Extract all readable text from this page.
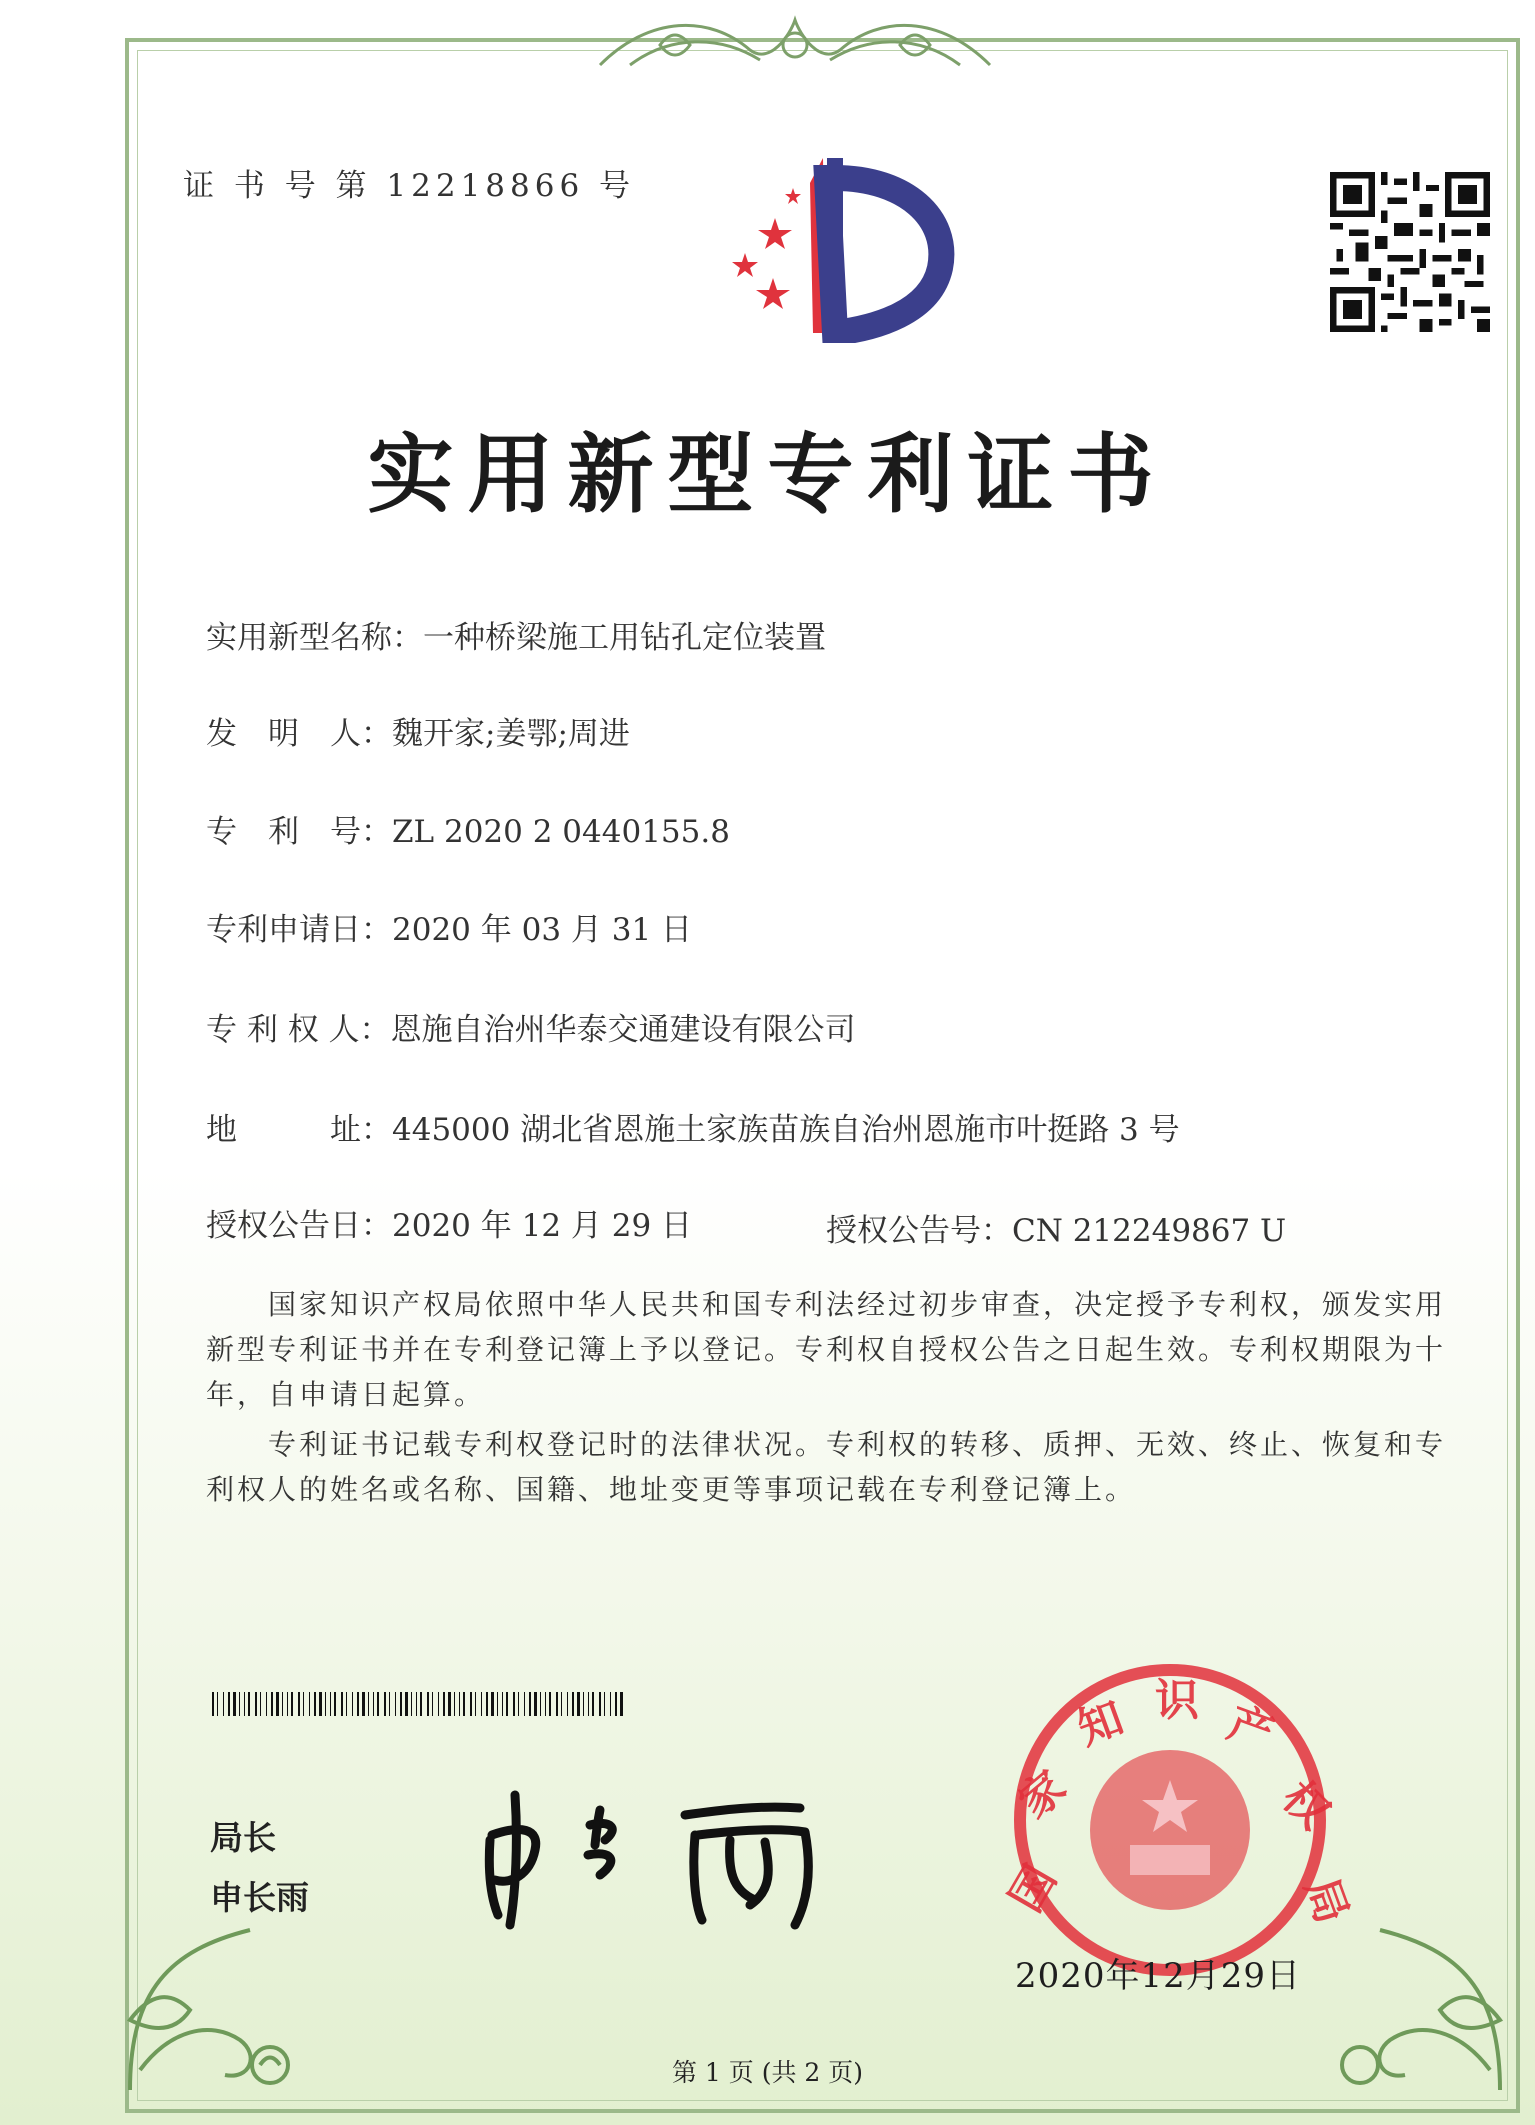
证 书 号 第 12218866 号
实用新型专利证书
实用新型名称：一种桥梁施工用钻孔定位装置
发　明　人：魏开家;姜鄂;周进
专　利　号：ZL 2020 2 0440155.8
专利申请日：2020 年 03 月 31 日
专 利 权 人：恩施自治州华泰交通建设有限公司
地　　　址：445000 湖北省恩施土家族苗族自治州恩施市叶挺路 3 号
授权公告日：2020 年 12 月 29 日	授权公告号：CN 212249867 U
国家知识产权局依照中华人民共和国专利法经过初步审查，决定授予专利权，颁发实用新型专利证书并在专利登记簿上予以登记。专利权自授权公告之日起生效。专利权期限为十年，自申请日起算。
专利证书记载专利权登记时的法律状况。专利权的转移、质押、无效、终止、恢复和专利权人的姓名或名称、国籍、地址变更等事项记载在专利登记簿上。
局长
申长雨	国
家
知 识 产
权
局
2020年12月29日
第 1 页 (共 2 页)
